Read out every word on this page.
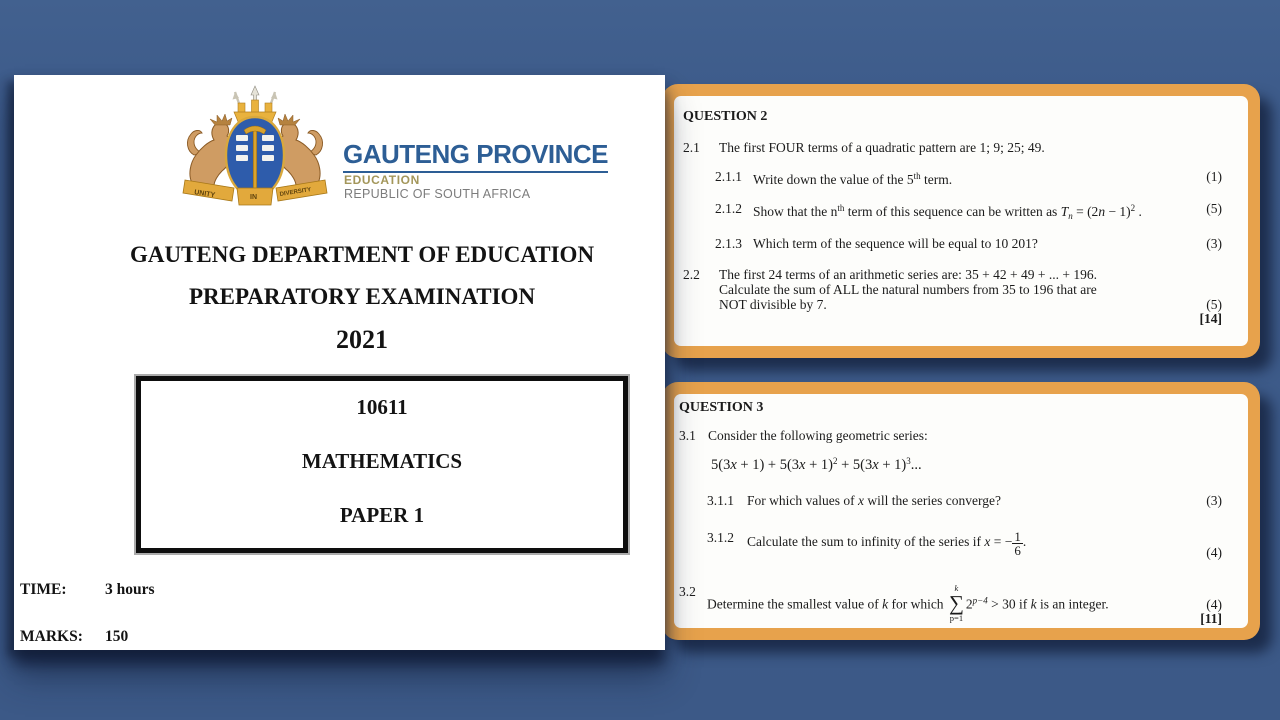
QUESTION 2
2.1 The first FOUR terms of a quadratic pattern are 1; 9; 25; 49.
2.1.1 Write down the value of the 5th term.	(1)
2.1.2 Show that the $n^{th}$ term of this sequence can be written as $T_n = (2n - 1)^2$ .	(5)
2.1.3 Which term of the sequence will be equal to 10 201?	(3)
2.2 The first 24 terms of an arithmetic series are: 35 + 42 + 49 + ... + 196.
Calculate the sum of ALL the natural numbers from 35 to 196 that are
NOT divisible by 7.	(5)
[14]
QUESTION 3
3.1 Consider the following geometric series:
$5(3x + 1) + 5(3x + 1)^2 + 5(3x + 1)^3$...
3.1.1 For which values of x will the series converge?	(3)
3.1.2 Calculate the sum to infinity of the series if x = − $\frac{1}{6}$ .
(4)
3.2
Determine the smallest value of k for which
k
∑
p=1
$2^{p-4} > 30$ if k is an integer.	(4)
[11]
UNITY	IN	DIVERSITY
GAUTENG PROVINCE
EDUCATION
REPUBLIC OF SOUTH AFRICA
GAUTENG DEPARTMENT OF EDUCATION
PREPARATORY EXAMINATION
2021
10611
MATHEMATICS
PAPER 1
TIME: 3 hours
MARKS: 150
